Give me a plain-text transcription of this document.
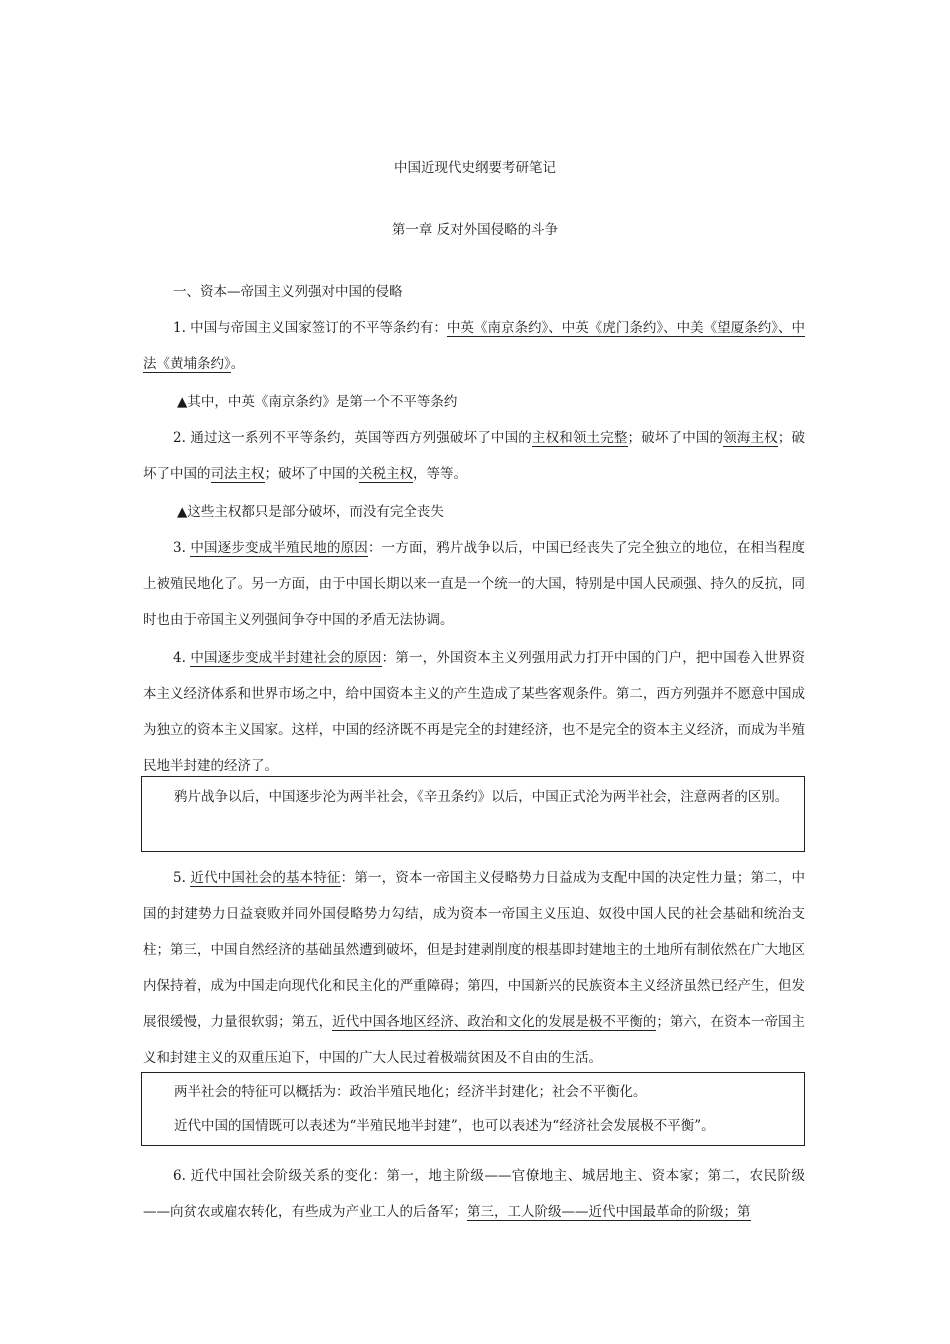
中国近现代史纲要考研笔记
第一章 反对外国侵略的斗争
一、资本—帝国主义列强对中国的侵略
1. 中国与帝国主义国家签订的不平等条约有：中英《南京条约》、中英《虎门条约》、中美《望厦条约》、中法《黄埔条约》。
▲其中，中英《南京条约》是第一个不平等条约
2. 通过这一系列不平等条约，英国等西方列强破坏了中国的主权和领土完整；破坏了中国的领海主权；破坏了中国的司法主权；破坏了中国的关税主权，等等。
▲这些主权都只是部分破坏，而没有完全丧失
3. 中国逐步变成半殖民地的原因：一方面，鸦片战争以后，中国已经丧失了完全独立的地位，在相当程度上被殖民地化了。另一方面，由于中国长期以来一直是一个统一的大国，特别是中国人民顽强、持久的反抗，同时也由于帝国主义列强间争夺中国的矛盾无法协调。
4. 中国逐步变成半封建社会的原因：第一，外国资本主义列强用武力打开中国的门户，把中国卷入世界资本主义经济体系和世界市场之中，给中国资本主义的产生造成了某些客观条件。第二，西方列强并不愿意中国成为独立的资本主义国家。这样，中国的经济既不再是完全的封建经济，也不是完全的资本主义经济，而成为半殖民地半封建的经济了。
鸦片战争以后，中国逐步沦为两半社会，《辛丑条约》以后，中国正式沦为两半社会，注意两者的区别。
5. 近代中国社会的基本特征：第一，资本一帝国主义侵略势力日益成为支配中国的决定性力量；第二，中国的封建势力日益衰败并同外国侵略势力勾结，成为资本一帝国主义压迫、奴役中国人民的社会基础和统治支柱；第三，中国自然经济的基础虽然遭到破坏，但是封建剥削度的根基即封建地主的土地所有制依然在广大地区内保持着，成为中国走向现代化和民主化的严重障碍；第四，中国新兴的民族资本主义经济虽然已经产生，但发展很缓慢，力量很软弱；第五，近代中国各地区经济、政治和文化的发展是极不平衡的；第六，在资本一帝国主义和封建主义的双重压迫下，中国的广大人民过着极端贫困及不自由的生活。
两半社会的特征可以概括为：政治半殖民地化；经济半封建化；社会不平衡化。
近代中国的国情既可以表述为“半殖民地半封建”，也可以表述为“经济社会发展极不平衡”。
6. 近代中国社会阶级关系的变化：第一，地主阶级——官僚地主、城居地主、资本家；第二，农民阶级——向贫农或雇农转化，有些成为产业工人的后备军；第三，工人阶级——近代中国最革命的阶级；第
